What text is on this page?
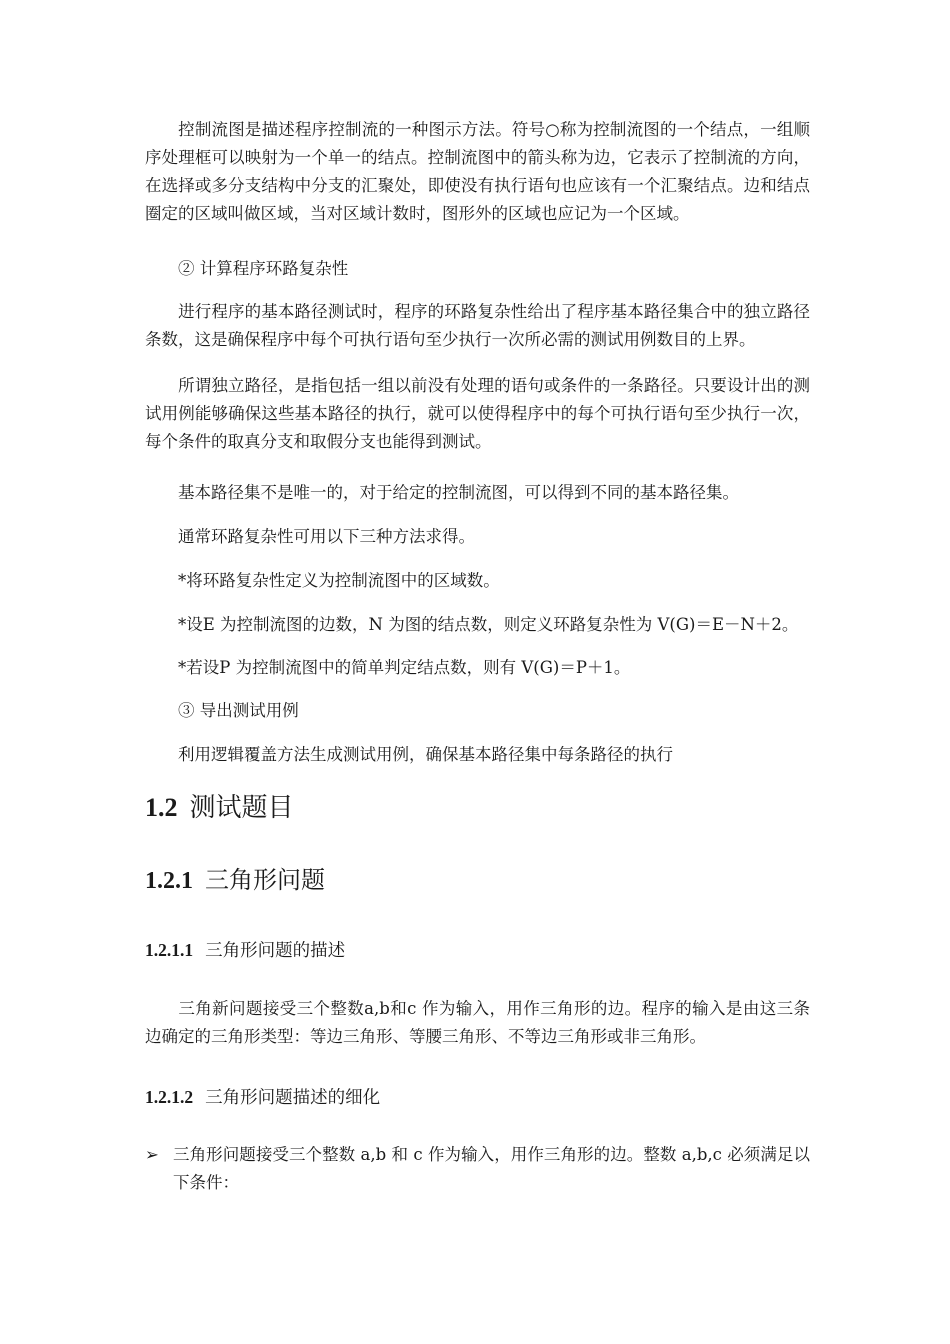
控制流图是描述程序控制流的一种图示方法。符号○称为控制流图的一个结点，一组顺序处理框可以映射为一个单一的结点。控制流图中的箭头称为边，它表示了控制流的方向，在选择或多分支结构中分支的汇聚处，即使没有执行语句也应该有一个汇聚结点。边和结点圈定的区域叫做区域，当对区域计数时，图形外的区域也应记为一个区域。
② 计算程序环路复杂性
进行程序的基本路径测试时，程序的环路复杂性给出了程序基本路径集合中的独立路径条数，这是确保程序中每个可执行语句至少执行一次所必需的测试用例数目的上界。
所谓独立路径，是指包括一组以前没有处理的语句或条件的一条路径。只要设计出的测试用例能够确保这些基本路径的执行，就可以使得程序中的每个可执行语句至少执行一次，每个条件的取真分支和取假分支也能得到测试。
基本路径集不是唯一的，对于给定的控制流图，可以得到不同的基本路径集。
通常环路复杂性可用以下三种方法求得。
*将环路复杂性定义为控制流图中的区域数。
*设E 为控制流图的边数，N 为图的结点数，则定义环路复杂性为 V(G)＝E－N＋2。
*若设P 为控制流图中的简单判定结点数，则有 V(G)＝P＋1。
③ 导出测试用例
利用逻辑覆盖方法生成测试用例，确保基本路径集中每条路径的执行
1.2 测试题目
1.2.1 三角形问题
1.2.1.1 三角形问题的描述
三角新问题接受三个整数a,b和c 作为输入，用作三角形的边。程序的输入是由这三条边确定的三角形类型：等边三角形、等腰三角形、不等边三角形或非三角形。
1.2.1.2 三角形问题描述的细化
➢ 三角形问题接受三个整数 a,b 和 c 作为输入，用作三角形的边。整数 a,b,c 必须满足以下条件：
